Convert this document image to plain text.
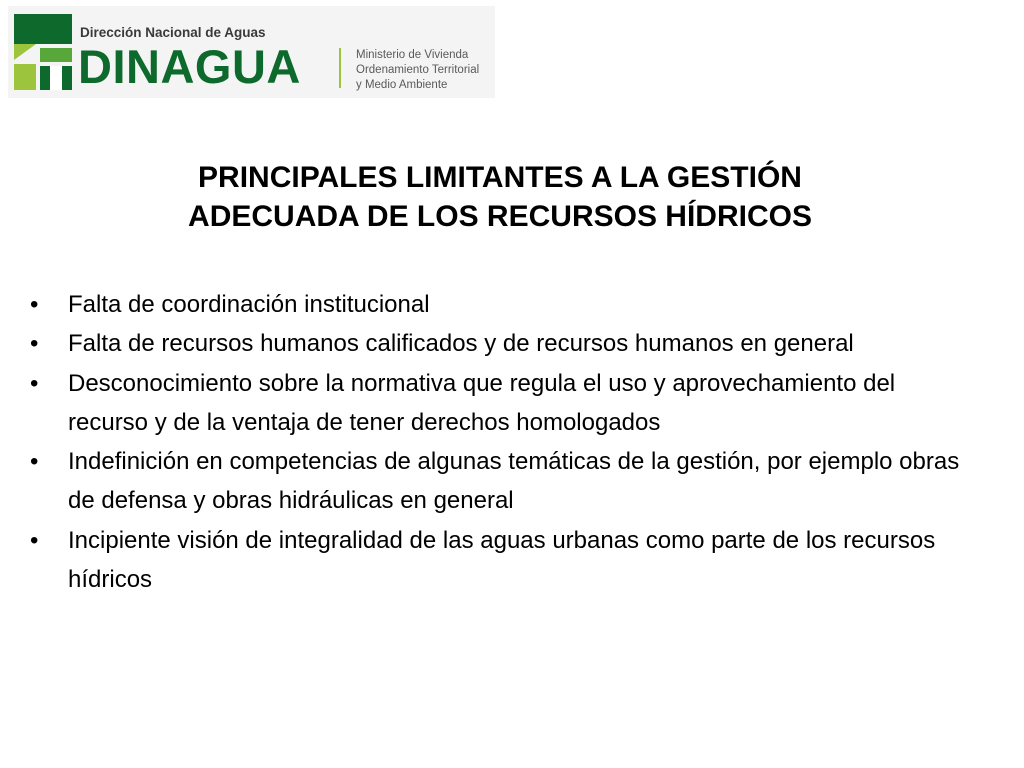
Dirección Nacional de Aguas
DINAGUA	Ministerio de Vivienda
Ordenamiento Territorial
y Medio Ambiente
PRINCIPALES LIMITANTES A LA GESTIÓN
ADECUADA DE LOS RECURSOS HÍDRICOS
• Falta de coordinación institucional
• Falta de recursos humanos calificados y de recursos humanos en general
• Desconocimiento sobre la normativa que regula el uso y aprovechamiento del recurso y de la ventaja de tener derechos homologados
• Indefinición en competencias de algunas temáticas de la gestión, por ejemplo obras de defensa y obras hidráulicas en general
• Incipiente visión de integralidad de las aguas urbanas como parte de los recursos hídricos
